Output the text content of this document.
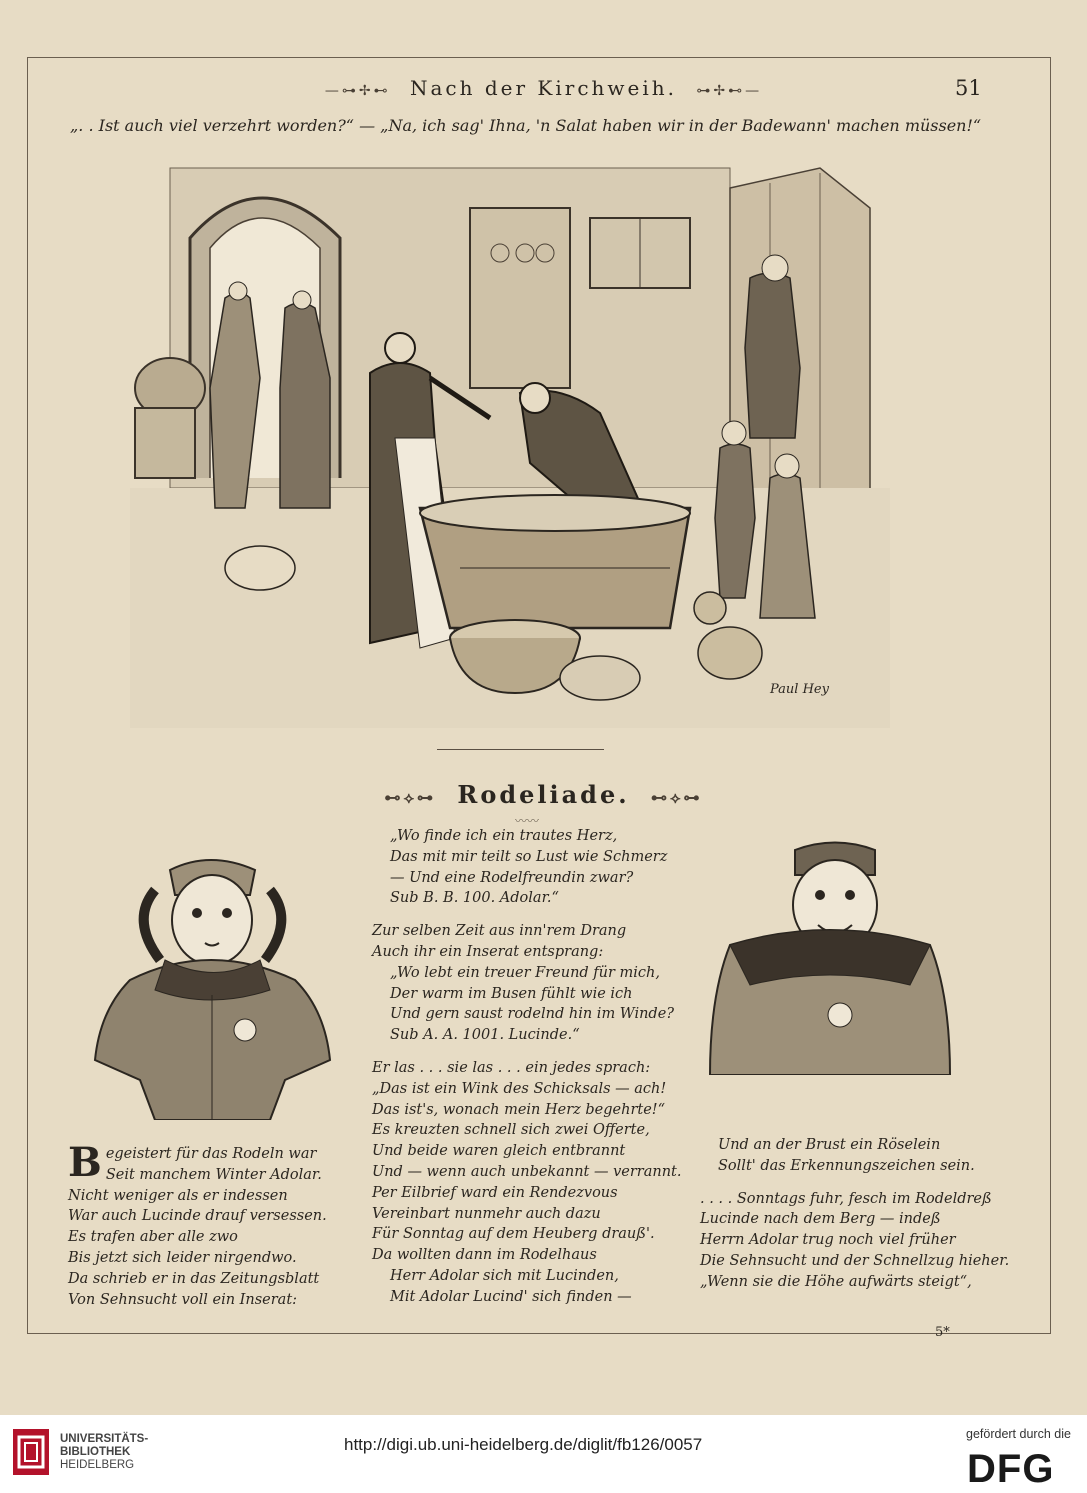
—⊶✢⊷ Nach der Kirchweih. ⊶✢⊷—	51
„. . Ist auch viel verzehrt worden?“ — „Na, ich sag' Ihna, 'n Salat haben wir in der Badewann' machen müssen!“
Paul Hey
⊷⟡⊶ Rodeliade. ⊷⟡⊶
〰〰
B egeistert für das Rodeln war
Seit manchem Winter Adolar.
Nicht weniger als er indessen
War auch Lucinde drauf versessen.
Es trafen aber alle zwo
Bis jetzt sich leider nirgendwo.
Da schrieb er in das Zeitungsblatt
Von Sehnsucht voll ein Inserat:
„Wo finde ich ein trautes Herz,
Das mit mir teilt so Lust wie Schmerz
— Und eine Rodelfreundin zwar?
Sub B. B. 100. Adolar.“
Zur selben Zeit aus inn'rem Drang
Auch ihr ein Inserat entsprang:
„Wo lebt ein treuer Freund für mich,
Der warm im Busen fühlt wie ich
Und gern saust rodelnd hin im Winde?
Sub A. A. 1001. Lucinde.“
Er las . . . sie las . . . ein jedes sprach:
„Das ist ein Wink des Schicksals — ach!
Das ist's, wonach mein Herz begehrte!“
Es kreuzten schnell sich zwei Offerte,
Und beide waren gleich entbrannt
Und — wenn auch unbekannt — verrannt.
Per Eilbrief ward ein Rendezvous
Vereinbart nunmehr auch dazu
Für Sonntag auf dem Heuberg drauß'.
Da wollten dann im Rodelhaus
Herr Adolar sich mit Lucinden,
Mit Adolar Lucind' sich finden —
Und an der Brust ein Röselein
Sollt' das Erkennungszeichen sein.
. . . . Sonntags fuhr, fesch im Rodeldreß
Lucinde nach dem Berg — indeß
Herrn Adolar trug noch viel früher
Die Sehnsucht und der Schnellzug hieher.
„Wenn sie die Höhe aufwärts steigt“,
5*
UNIVERSITÄTS-
BIBLIOTHEK
HEIDELBERG
http://digi.ub.uni-heidelberg.de/diglit/fb126/0057
gefördert durch die
DFG
